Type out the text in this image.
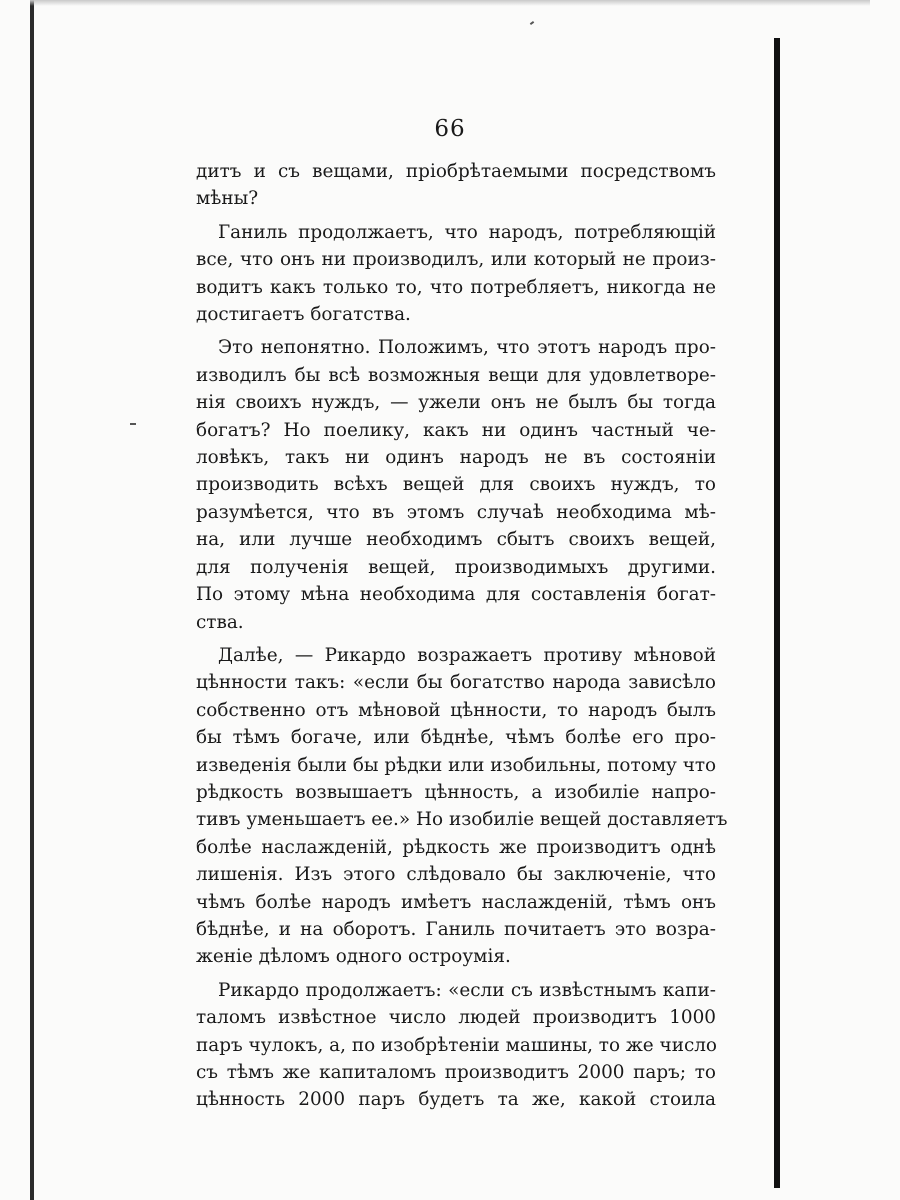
66
дитъ и съ вещами, пріобрѣтаемыми посредствомъ
мѣны?
Ганиль продолжаетъ, что народъ, потребляющій
все, что онъ ни производилъ, или который не произ-
водитъ какъ только то, что потребляетъ, никогда не
достигаетъ богатства.
Это непонятно. Положимъ, что этотъ народъ про-
изводилъ бы всѣ возможныя вещи для удовлетворе-
нія своихъ нуждъ, — ужели онъ не былъ бы тогда
богатъ? Но поелику, какъ ни одинъ частный че-
ловѣкъ, такъ ни одинъ народъ не въ состояніи
производить всѣхъ вещей для своихъ нуждъ, то
разумѣется, что въ этомъ случаѣ необходима мѣ-
на, или лучше необходимъ сбытъ своихъ вещей,
для полученія вещей, производимыхъ другими.
По этому мѣна необходима для составленія богат-
ства.
Далѣе, — Рикардо возражаетъ противу мѣновой
цѣнности такъ: «если бы богатство народа зависѣло
собственно отъ мѣновой цѣнности, то народъ былъ
бы тѣмъ богаче, или бѣднѣе, чѣмъ болѣе его про-
изведенія были бы рѣдки или изобильны, потому что
рѣдкость возвышаетъ цѣнность, а изобиліе напро-
тивъ уменьшаетъ ее.» Но изобиліе вещей доставляетъ
болѣе наслажденій, рѣдкость же производитъ однѣ
лишенія. Изъ этого слѣдовало бы заключеніе, что
чѣмъ болѣе народъ имѣетъ наслажденій, тѣмъ онъ
бѣднѣе, и на оборотъ. Ганиль почитаетъ это возра-
женіе дѣломъ одного остроумія.
Рикардо продолжаетъ: «если съ извѣстнымъ капи-
таломъ извѣстное число людей производитъ 1000
паръ чулокъ, а, по изобрѣтеніи машины, то же число
съ тѣмъ же капиталомъ производитъ 2000 паръ; то
цѣнность 2000 паръ будетъ та же, какой стоила
